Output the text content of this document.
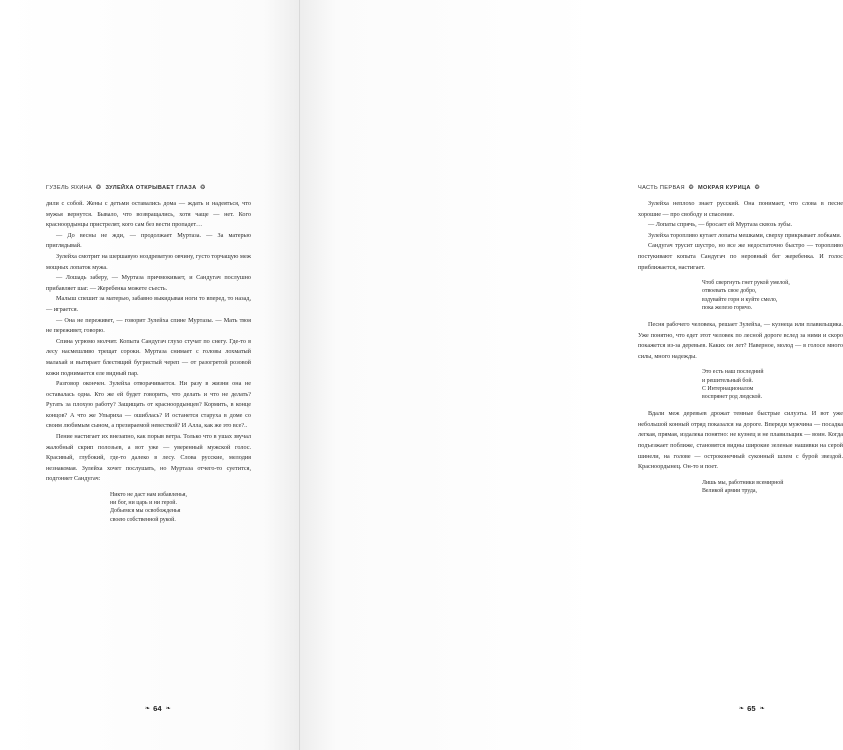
ГУЗЕЛЬ ЯХИНА ❂ ЗУЛЕЙХА ОТКРЫВАЕТ ГЛАЗА ❂

дили с собой. Жены с детьми оставались дома — ждать и надеяться, что мужья вернутся. Бывало, что возвращались, хотя чаще — нет. Кого красноордынцы пристрелят, кого сам без вести пропадет…

— До весны не жди, — продолжает Муртаза. — За матерью приглядывай.

Зулейха смотрит на шершавую ноздреватую овчину, густо торчащую меж мощных лопаток мужа.

— Лошадь заберу, — Муртаза причмокивает, и Сандугач послушно прибавляет шаг. — Жеребенка можете съесть.

Малыш спешит за матерью, забавно выкидывая ноги то вперед, то назад, — играется.

— Она не переживет, — говорит Зулейха спине Муртазы. — Мать твоя не переживет, говорю.

Спина угрюмо молчит. Копыта Сандугач глухо стучат по снегу. Где-то в лесу насмешливо трещат сороки. Муртаза снимает с головы лохматый малахай и вытирает блестящий бугристый череп — от разогретой розовой кожи поднимается еле видный пар.

Разговор окончен. Зулейха отворачивается. Ни разу в жизни она не оставалась одна. Кто же ей будет говорить, что делать и что не делать? Ругать за плохую работу? Защищать от красноордынцев? Кормить, в конце концов? А что же Упыриха — ошиблась? И останется старуха в доме со своим любимым сыном, а презираемой невесткой? И Алла, как же это все?..

Пение настигает их внезапно, как порыв ветра. Только что в ушах звучал жалобный скрип полозьев, а вот уже — уверенный мужской голос. Красивый, глубокий, где-то далеко в лесу. Слова русские, мелодия незнакомая. Зулейха хочет послушать, но Муртаза отчего-то суетится, подгоняет Сандугач:

Никто не даст нам избавленья,
ни бог, ни царь и ни герой.
Добьемся мы освобожденья
своею собственной рукой.
❧ 64 ❧
ЧАСТЬ ПЕРВАЯ ❂ МОКРАЯ КУРИЦА ❂

Зулейха неплохо знает русский. Она понимает, что слова в песне хорошие — про свободу и спасение.

— Лопаты спрячь, — бросает ей Муртаза сквозь зубы.

Зулейха торопливо кутает лопаты мешками, сверху прикрывает лобками.

Сандугач трусит шустро, но все же недостаточно быстро — торопливо постукивают копыта Сандугач по неровный бег жеребенка. И голос приближается, настигает.

Чтоб свергнуть гнет рукой умелой,
отвоевать свое добро,
вздувайте горн и куйте смело,
пока железо горячо.

Песня рабочего человека, решает Зулейха, — кузнеца или плавильщика. Уже понятно, что едет этот человек по лесной дороге вслед за ними и скоро покажется из-за деревьев. Каких он лет? Наверное, молод — в голосе много силы, много надежды.

Это есть наш последний
и решительный бой.
С Интернационалом
воспрянет род людской.

Вдали меж деревьев дрожат темные быстрые силуэты. И вот уже небольшой конный отряд показался на дороге. Впереди мужчина — посадка легкая, прямая, издалека понятно: не кузнец и не плавильщик — воин. Когда подъезжает поближе, становятся видны широкие зеленые нашивки на серой шинели, на голове — остроконечный суконный шлем с бурой звездой. Красноордынец. Он-то и поет.

Лишь мы, работники всемирной
Великой армии труда,
❧ 65 ❧
